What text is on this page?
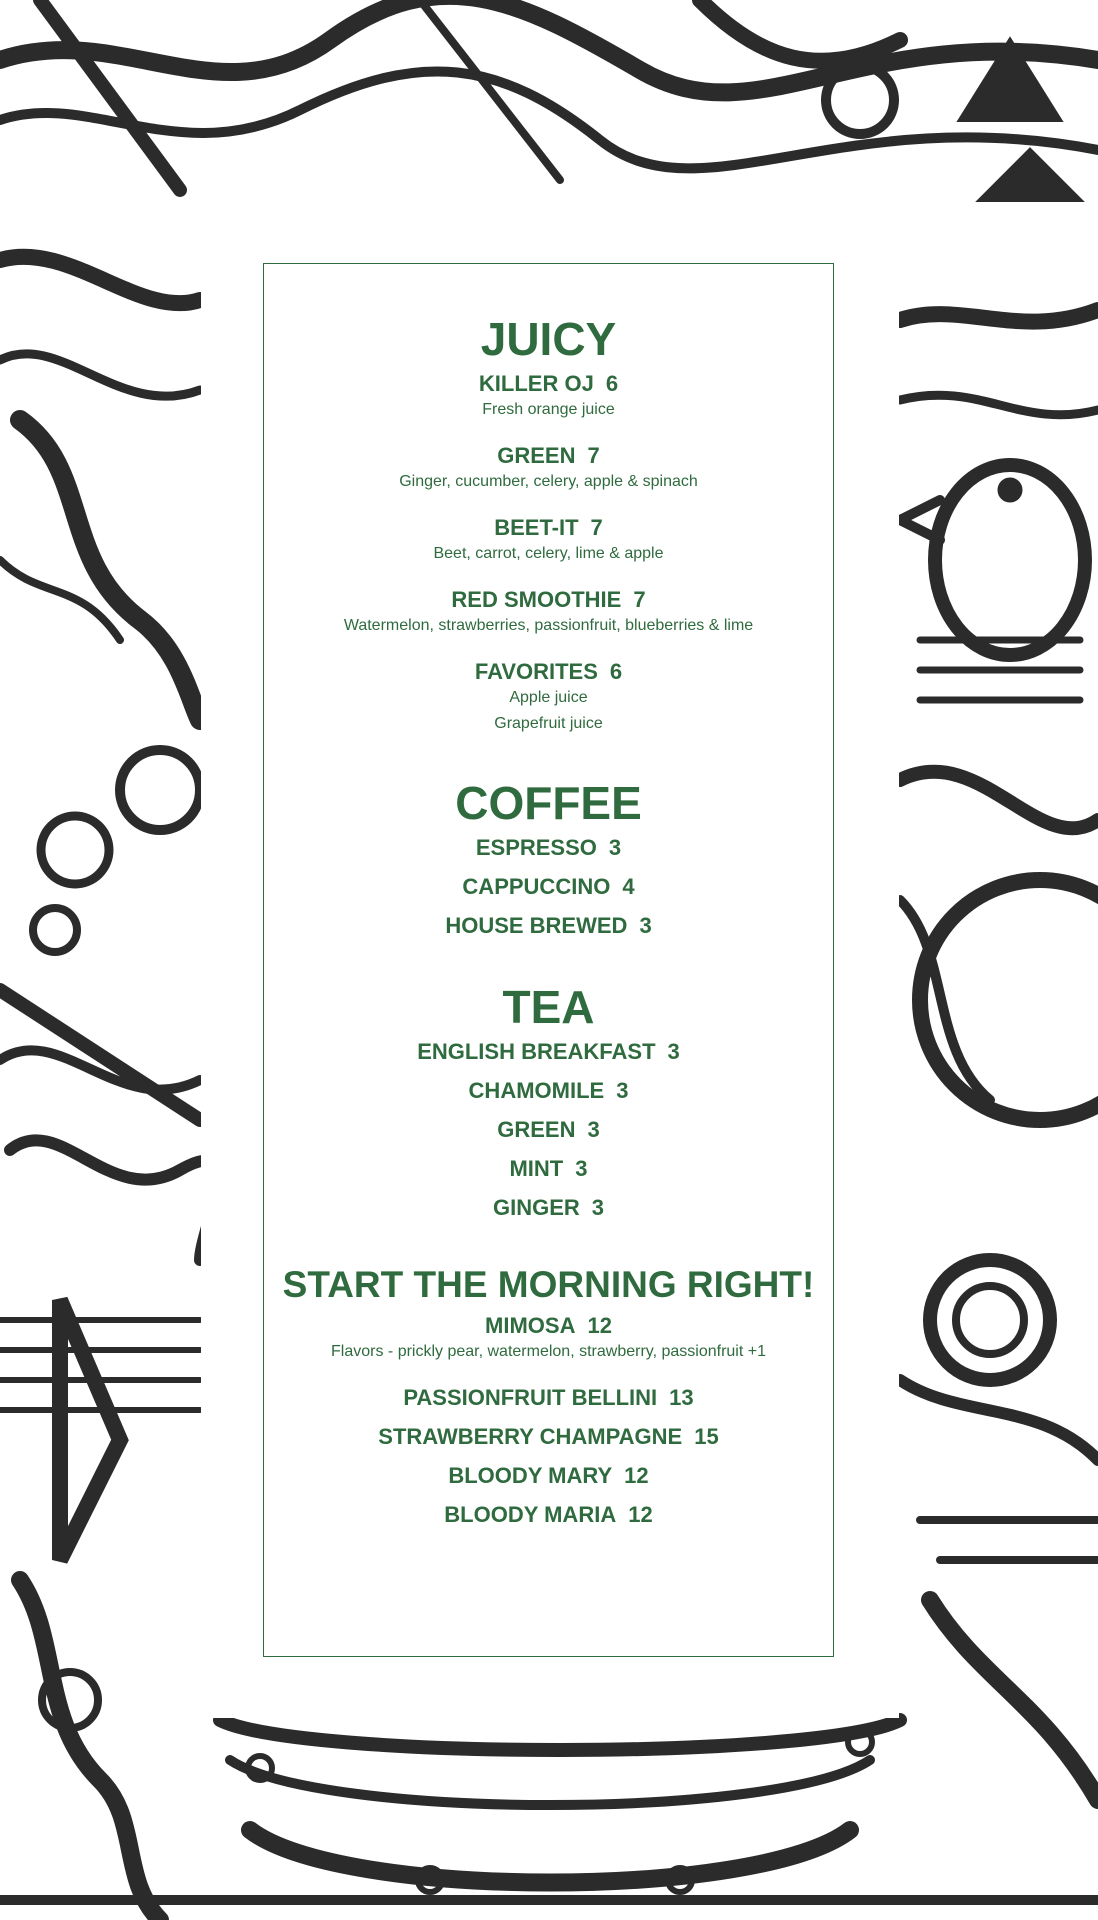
JUICY

KILLER OJ 6

Fresh orange juice

GREEN 7

Ginger, cucumber, celery, apple & spinach

BEET-IT 7

Beet, carrot, celery, lime & apple

RED SMOOTHIE 7

Watermelon, strawberries, passionfruit, blueberries & lime

FAVORITES 6

Apple juice

Grapefruit juice

COFFEE

ESPRESSO 3

CAPPUCCINO 4

HOUSE BREWED 3

TEA

ENGLISH BREAKFAST 3

CHAMOMILE 3

GREEN 3

MINT 3

GINGER 3

START THE MORNING RIGHT!

MIMOSA 12

Flavors - prickly pear, watermelon, strawberry, passionfruit +1

PASSIONFRUIT BELLINI 13

STRAWBERRY CHAMPAGNE 15

BLOODY MARY 12

BLOODY MARIA 12
